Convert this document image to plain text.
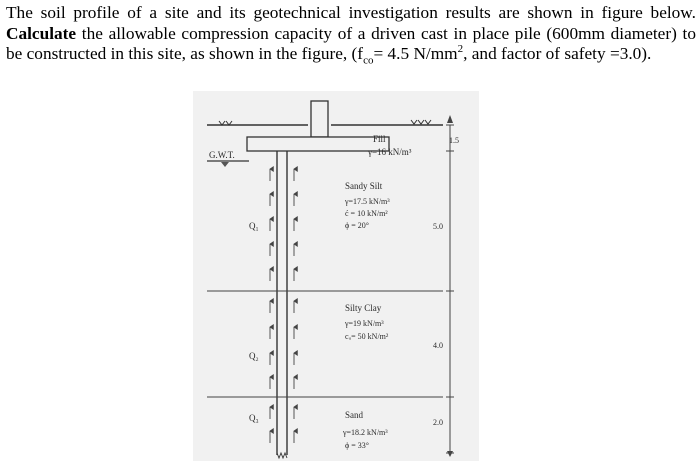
The soil profile of a site and its geotechnical investigation results are shown in figure below. Calculate the allowable compression capacity of a driven cast in place pile (600mm diameter) to be constructed in this site, as shown in the figure, ($f_{co}= 4.5$ $N/mm^2$, and factor of safety =3.0).

G.W.T.
Q₁
Q₂
Q₃
Fill
γ=16 kN/m³
Sandy Silt
γ=17.5 kN/m³
ć = 10 kN/m²
ϕ = 20°
Silty Clay
γ=19 kN/m³
cᵤ= 50 kN/m²
Sand
γ=18.2 kN/m³
ϕ = 33°
1.5
5.0
4.0
2.0
